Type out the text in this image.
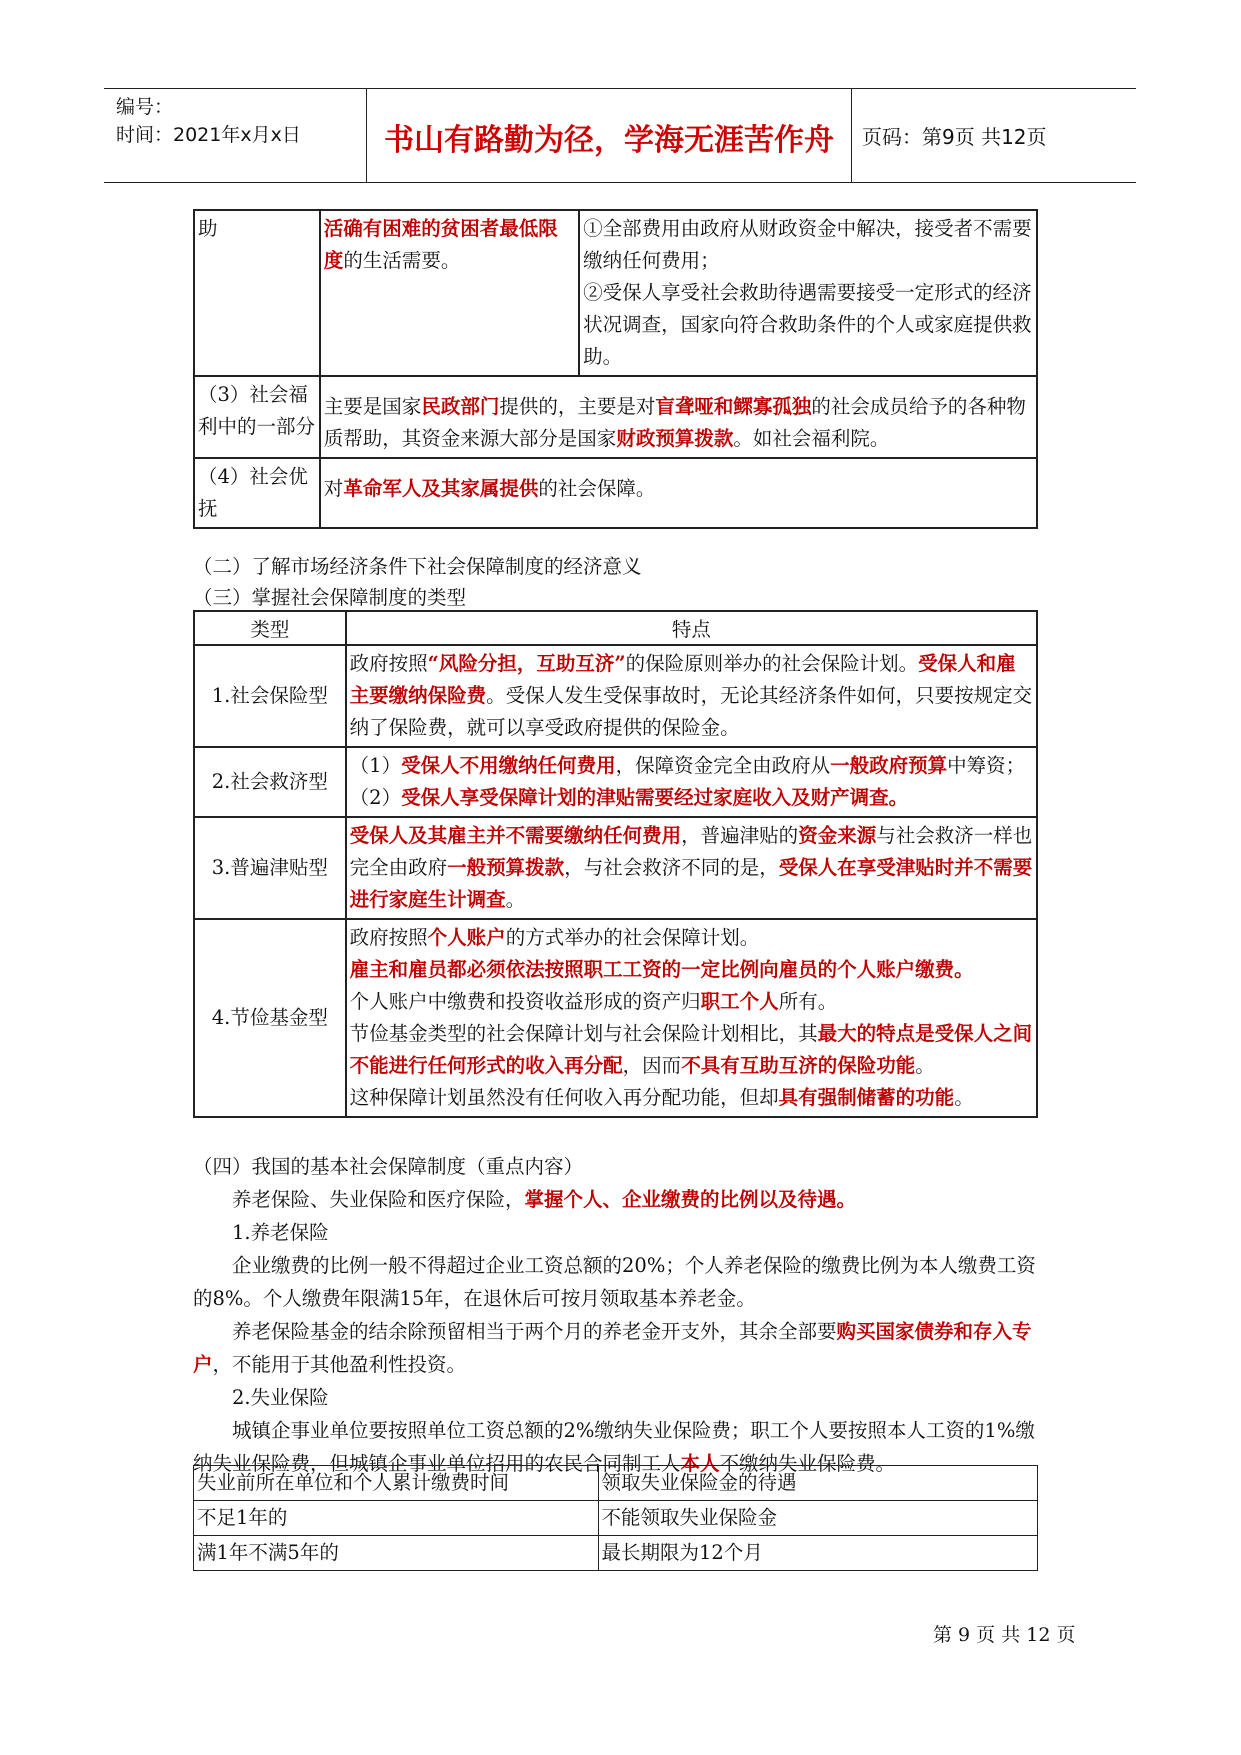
编号：
时间：2021年x月x日	书山有路勤为径，学海无涯苦作舟	页码：第9页 共12页
助	活确有困难的贫困者最低限度的生活需要。	①全部费用由政府从财政资金中解决，接受者不需要缴纳任何费用；
②受保人享受社会救助待遇需要接受一定形式的经济状况调查，国家向符合救助条件的个人或家庭提供救助。

（3）社会福利中的一部分	主要是国家民政部门提供的，主要是对盲聋哑和鳏寡孤独的社会成员给予的各种物质帮助，其资金来源大部分是国家财政预算拨款。如社会福利院。	
（4）社会优抚	对革命军人及其家属提供的社会保障。	
（二）了解市场经济条件下社会保障制度的经济意义
（三）掌握社会保障制度的类型
类型	特点
1.社会保险型	政府按照“风险分担，互助互济”的保险原则举办的社会保险计划。受保人和雇主要缴纳保险费。受保人发生受保事故时，无论其经济条件如何，只要按规定交纳了保险费，就可以享受政府提供的保险金。
2.社会救济型	（1）受保人不用缴纳任何费用，保障资金完全由政府从一般政府预算中筹资；
（2）受保人享受保障计划的津贴需要经过家庭收入及财产调查。

3.普遍津贴型	受保人及其雇主并不需要缴纳任何费用，普遍津贴的资金来源与社会救济一样也完全由政府一般预算拨款，与社会救济不同的是，受保人在享受津贴时并不需要进行家庭生计调查。
4.节俭基金型	政府按照个人账户的方式举办的社会保障计划。
雇主和雇员都必须依法按照职工工资的一定比例向雇员的个人账户缴费。
个人账户中缴费和投资收益形成的资产归职工个人所有。
节俭基金类型的社会保障计划与社会保险计划相比，其最大的特点是受保人之间不能进行任何形式的收入再分配，因而不具有互助互济的保险功能。
这种保障计划虽然没有任何收入再分配功能，但却具有强制储蓄的功能。
（四）我国的基本社会保障制度（重点内容）
养老保险、失业保险和医疗保险，掌握个人、企业缴费的比例以及待遇。
1.养老保险
企业缴费的比例一般不得超过企业工资总额的20%；个人养老保险的缴费比例为本人缴费工资的8%。个人缴费年限满15年，在退休后可按月领取基本养老金。
养老保险基金的结余除预留相当于两个月的养老金开支外，其余全部要购买国家债券和存入专户，不能用于其他盈利性投资。
2.失业保险
城镇企事业单位要按照单位工资总额的2%缴纳失业保险费；职工个人要按照本人工资的1%缴纳失业保险费，但城镇企事业单位招用的农民合同制工人本人不缴纳失业保险费。
失业前所在单位和个人累计缴费时间	领取失业保险金的待遇
不足1年的	不能领取失业保险金
满1年不满5年的	最长期限为12个月
第 9 页 共 12 页
